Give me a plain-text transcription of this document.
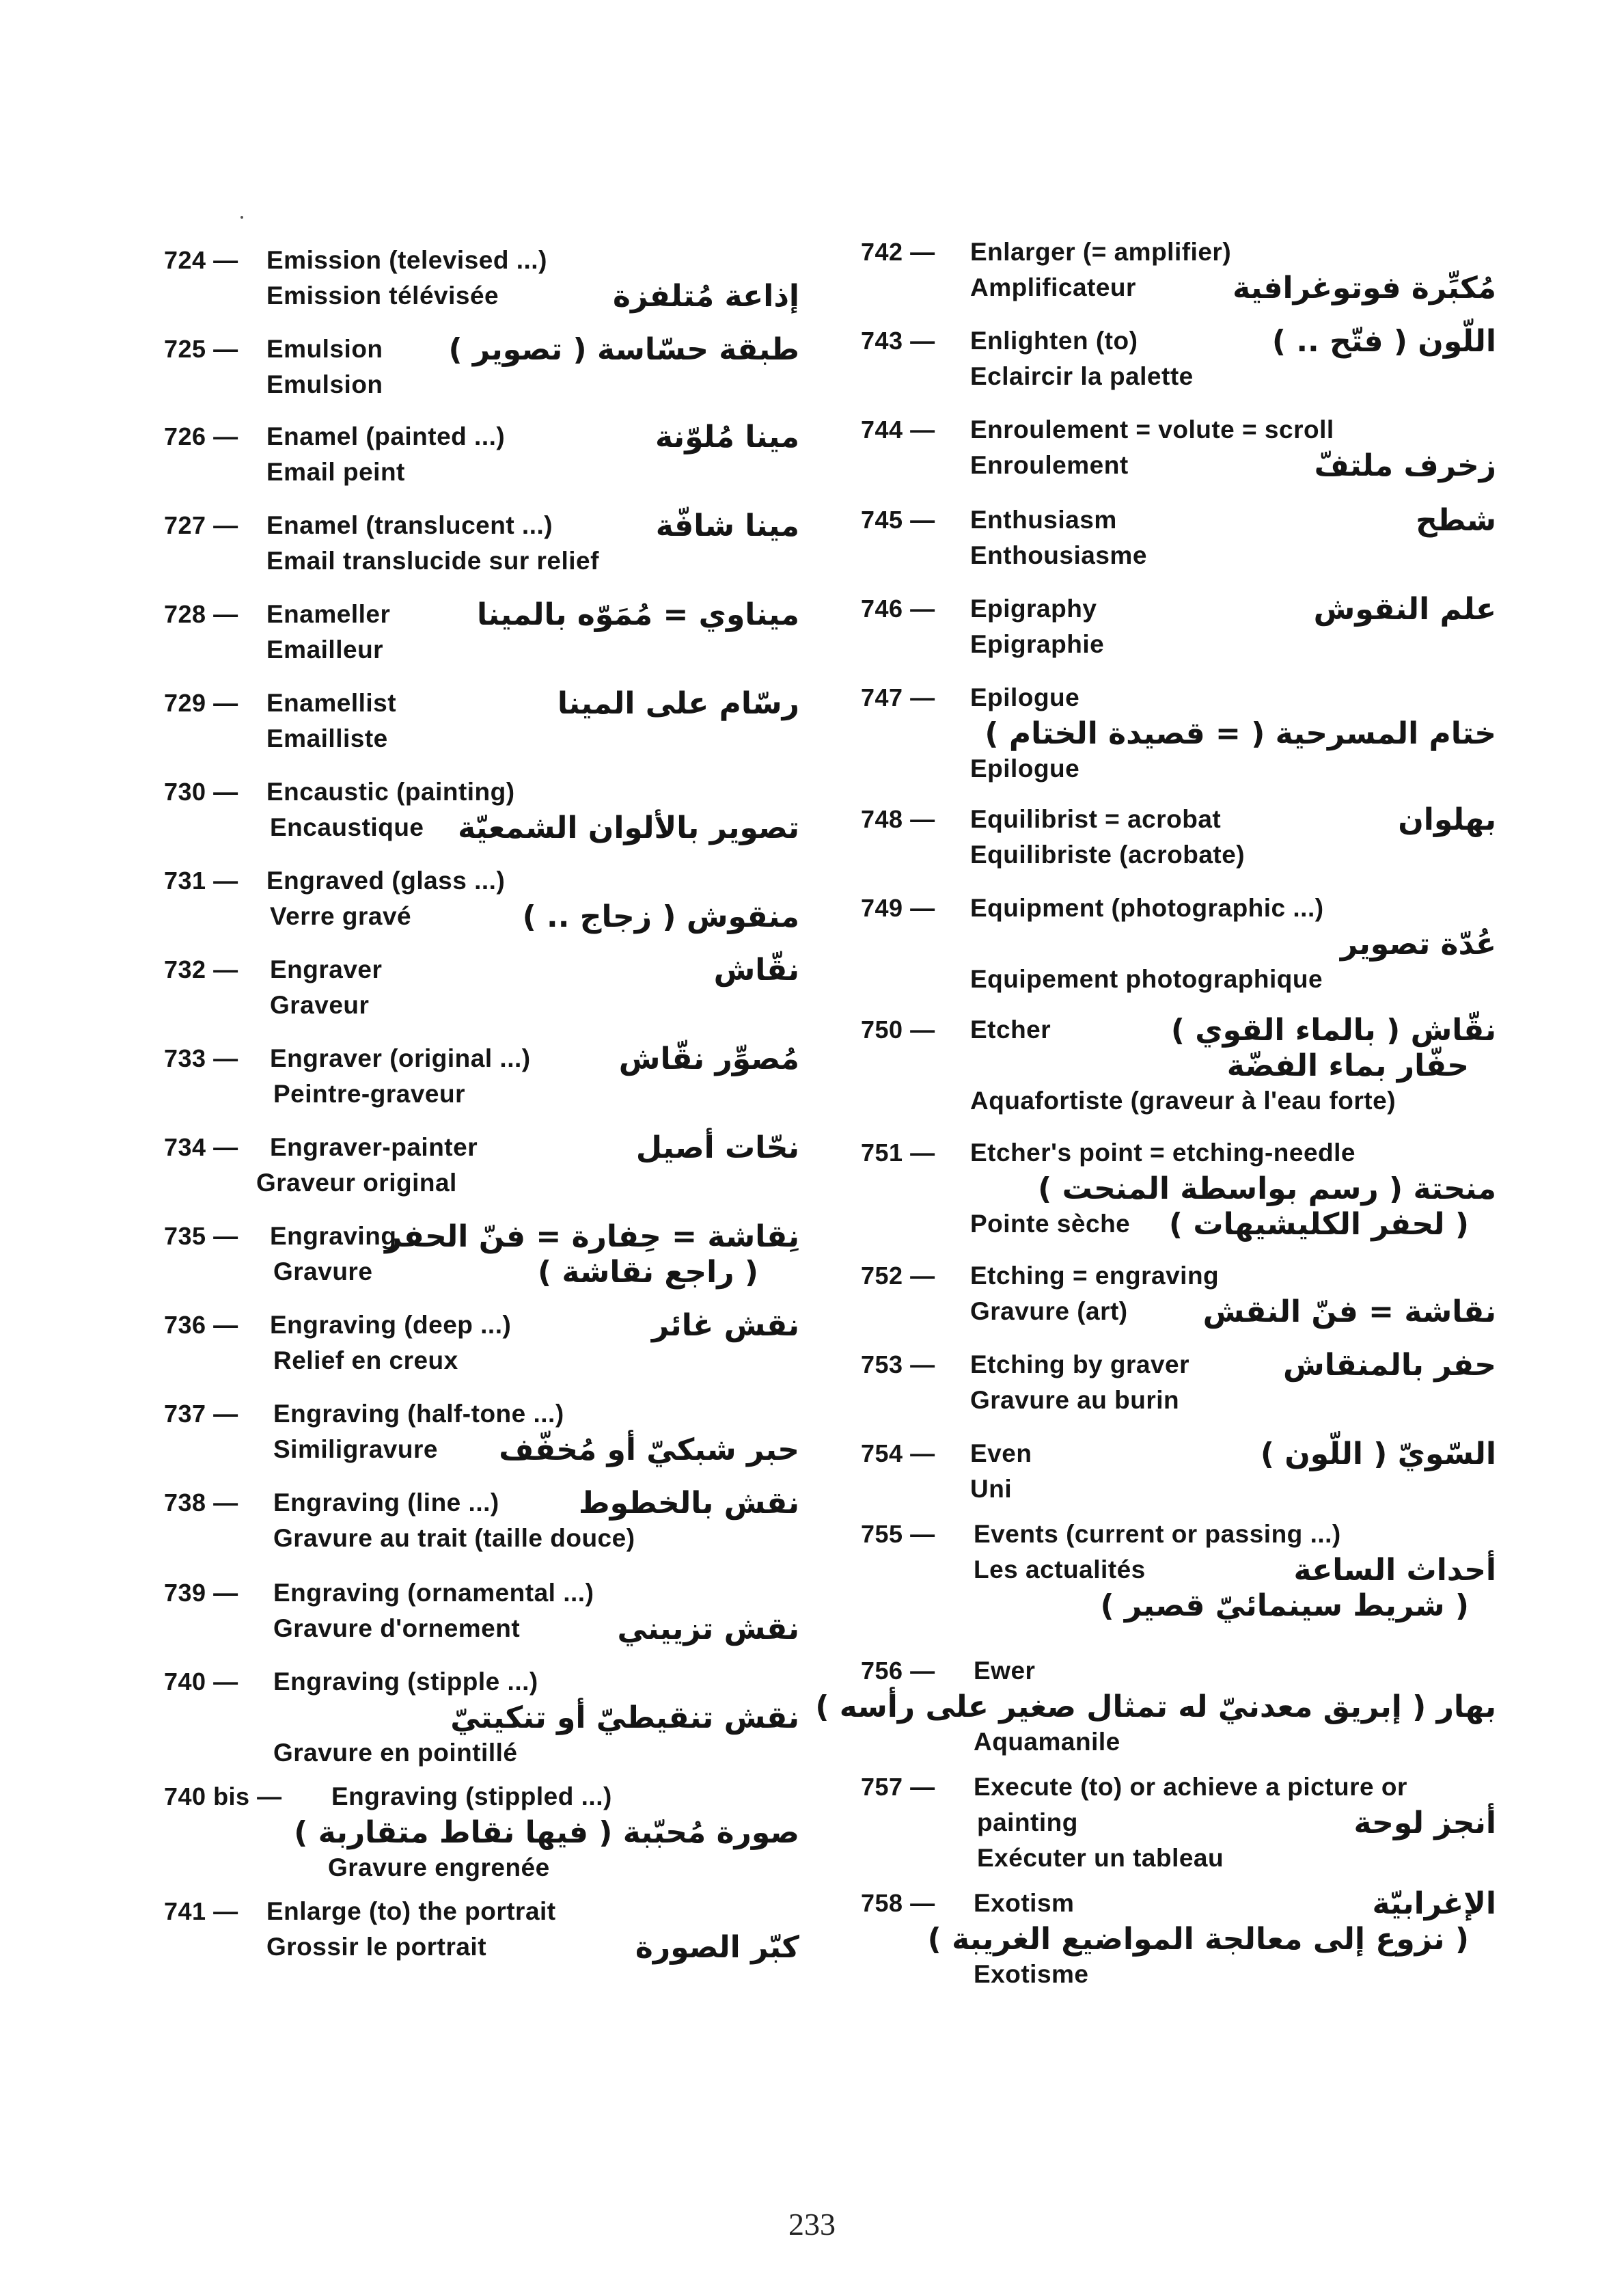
724 — Emission (televised ...)
Emission télévisée	إذاعة مُتلفزة
725 — Emulsion طبقة حسّاسة ( تصوير )
Emulsion
726 — Enamel (painted ...)	مينا مُلوّنة
Email peint
727 — Enamel (translucent ...)	مينا شافّة
Email translucide sur relief
728 — Enameller	ميناوي = مُمَوّه بالمينا
Emailleur
729 — Enamellist	رسّام على المينا
Emailliste
730 — Encaustic (painting)
Encaustique تصوير بالألوان الشمعيّة
731 — Engraved (glass ...)
Verre gravé	منقوش ( زجاج .. )
732 — Engraver	نقّاش
Graveur
733 — Engraver (original ...)	مُصوِّر نقّاش
Peintre-graveur
734 — Engraver-painter	نحّات أصيل
Graveur original
735 — Engraving
نِقاشة = حِفارة = فنّ الحفر
Gravure	( راجع نقاشة )
736 — Engraving (deep ...)	نقش غائر
Relief en creux
737 — Engraving (half-tone ...)
Similigravure حبر شبكيّ أو مُخفّف
738 — Engraving (line ...)	نقش بالخطوط
Gravure au trait (taille douce)
739 — Engraving (ornamental ...)
Gravure d'ornement	نقش تزييني
740 — Engraving (stipple ...)
نقش تنقيطيّ أو تنكيتيّ
Gravure en pointillé
740 bis — Engraving (stippled ...)
صورة مُحبّبة ( فيها نقاط متقاربة )
Gravure engrenée
741 — Enlarge (to) the portrait
Grossir le portrait	كبّر الصورة
742 — Enlarger (= amplifier)
Amplificateur	مُكبِّرة فوتوغرافية
743 — Enlighten (to)	اللّون ( فتّح .. )
Eclaircir la palette
744 — Enroulement = volute = scroll
Enroulement	زخرف ملتفّ
745 — Enthusiasm	شطح
Enthousiasme
746 — Epigraphy	علم النقوش
Epigraphie
747 — Epilogue
ختام المسرحية ( = قصيدة الختام )
Epilogue
748 — Equilibrist = acrobat	بهلوان
Equilibriste (acrobate)
749 — Equipment (photographic ...)
عُدّة تصوير
Equipement photographique
750 — Etcher	نقّاش ( بالماء القوي )
حفّار بماء الفضّة
Aquafortiste (graveur à l'eau forte)
751 — Etcher's point = etching-needle
منحتة ( رسم بواسطة المنحت )
Pointe sèche ( لحفر الكليشيهات )
752 — Etching = engraving
Gravure (art)	نقاشة = فنّ النقش
753 — Etching by graver	حفر بالمنقاش
Gravure au burin
754 — Even	السّويّ ( اللّون )
Uni
755 — Events (current or passing ...)
Les actualités	أحداث الساعة
( شريط سينمائيّ قصير )
756 — Ewer
بهار ( إبريق معدنيّ له تمثال صغير على رأسه )
Aquamanile
757 — Execute (to) or achieve a picture or
painting	أنجز لوحة
Exécuter un tableau
758 — Exotism	الإغرابيّة
( نزوع إلى معالجة المواضيع الغريبة )
Exotisme
233
